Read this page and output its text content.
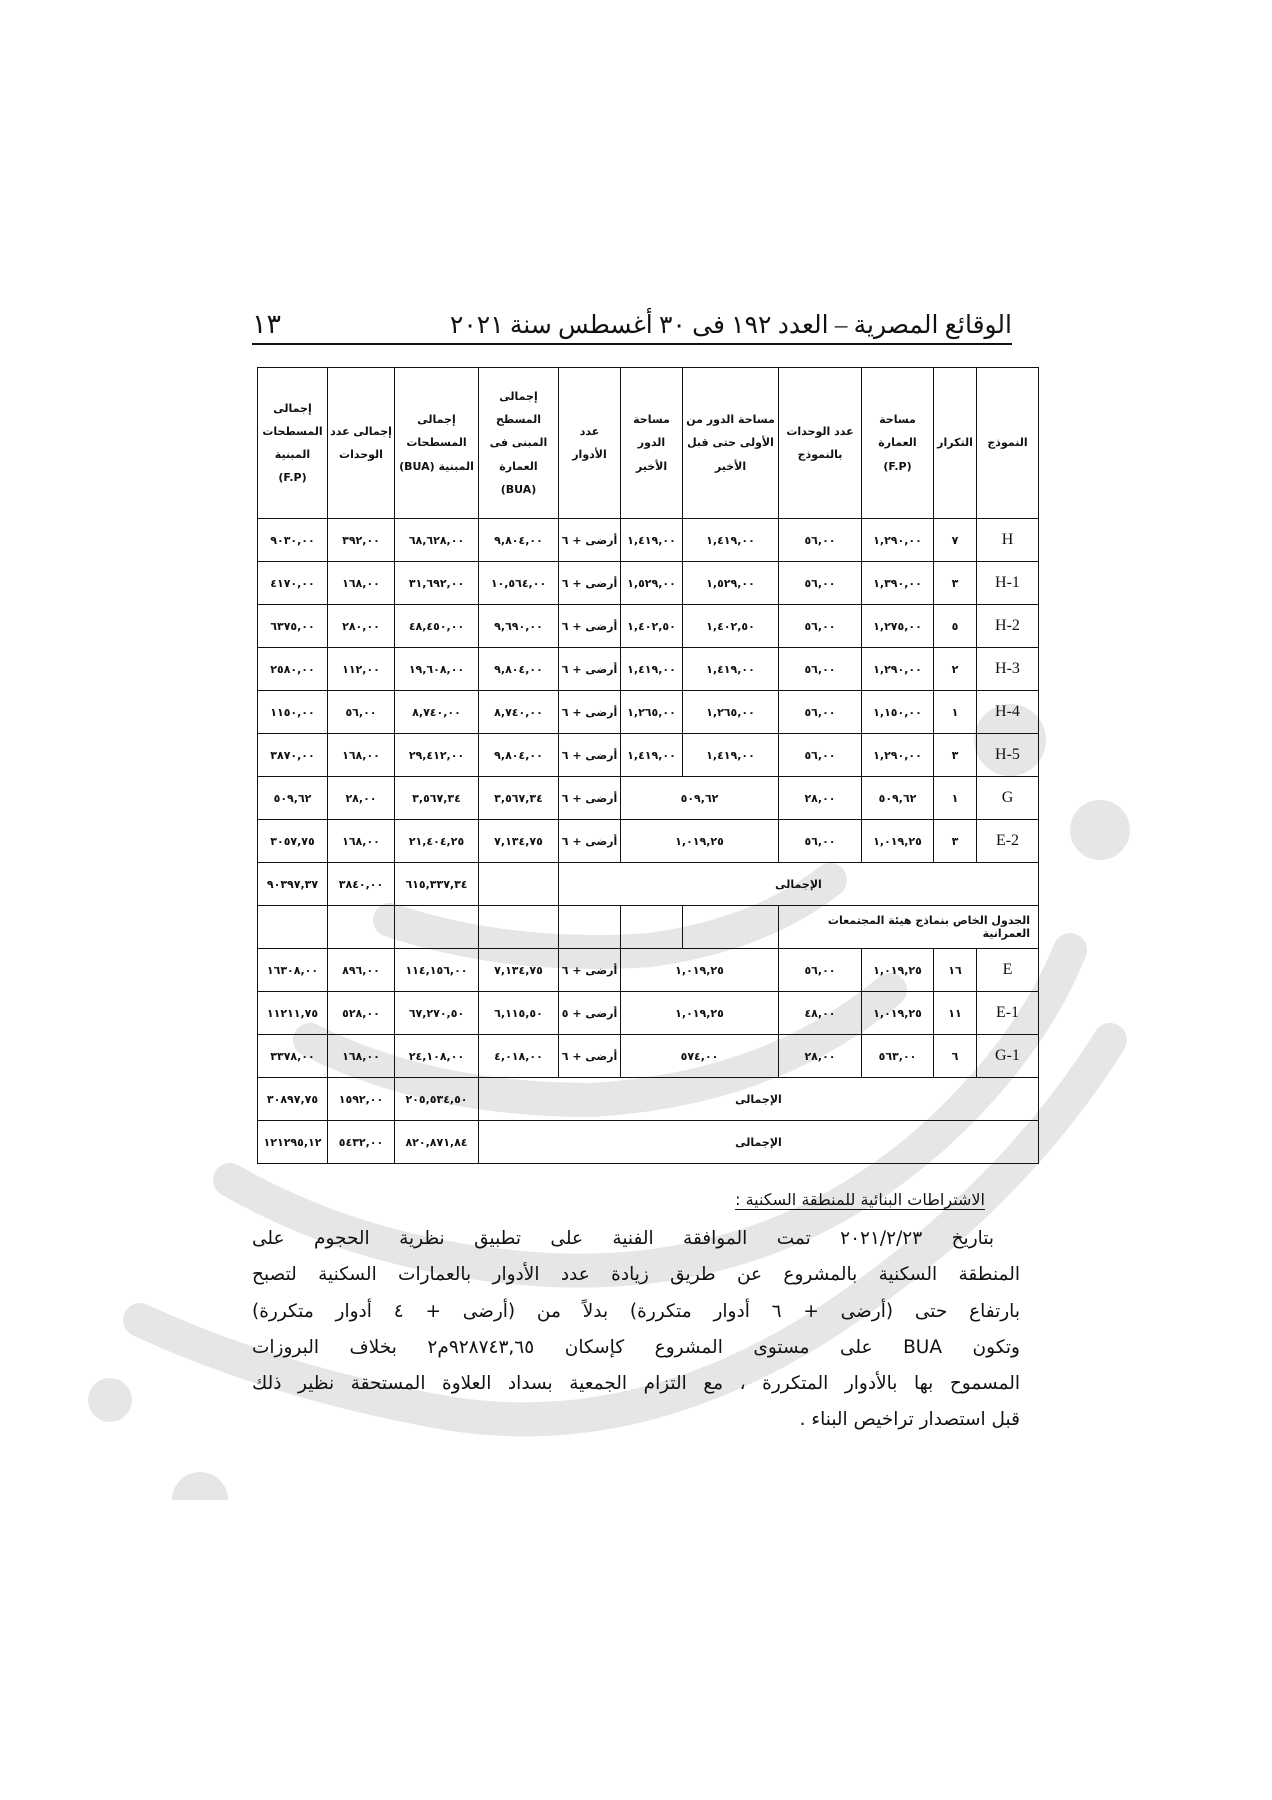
الوقائع المصرية – العدد ١٩٢ فى ٣٠ أغسطس سنة ٢٠٢١
١٣
النموذج	التكرار	مساحة العمارة (F.P)	عدد الوحدات بالنموذج	مساحة الدور من الأولى حتى قبل الأخير	مساحة الدور الأخير	عدد الأدوار	إجمالى المسطح المبنى فى العمارة (BUA)	إجمالى المسطحات المبنية (BUA)	إجمالى عدد الوحدات	إجمالى المسطحات المبنية (F.P)
H	٧	١,٢٩٠,٠٠	٥٦,٠٠	١,٤١٩,٠٠	١,٤١٩,٠٠	أرضى + ٦	٩,٨٠٤,٠٠	٦٨,٦٢٨,٠٠	٣٩٢,٠٠	٩٠٣٠,٠٠
H-1	٣	١,٣٩٠,٠٠	٥٦,٠٠	١,٥٢٩,٠٠	١,٥٢٩,٠٠	أرضى + ٦	١٠,٥٦٤,٠٠	٣١,٦٩٢,٠٠	١٦٨,٠٠	٤١٧٠,٠٠
H-2	٥	١,٢٧٥,٠٠	٥٦,٠٠	١,٤٠٢,٥٠	١,٤٠٢,٥٠	أرضى + ٦	٩,٦٩٠,٠٠	٤٨,٤٥٠,٠٠	٢٨٠,٠٠	٦٣٧٥,٠٠
H-3	٢	١,٢٩٠,٠٠	٥٦,٠٠	١,٤١٩,٠٠	١,٤١٩,٠٠	أرضى + ٦	٩,٨٠٤,٠٠	١٩,٦٠٨,٠٠	١١٢,٠٠	٢٥٨٠,٠٠
H-4	١	١,١٥٠,٠٠	٥٦,٠٠	١,٢٦٥,٠٠	١,٢٦٥,٠٠	أرضى + ٦	٨,٧٤٠,٠٠	٨,٧٤٠,٠٠	٥٦,٠٠	١١٥٠,٠٠
H-5	٣	١,٢٩٠,٠٠	٥٦,٠٠	١,٤١٩,٠٠	١,٤١٩,٠٠	أرضى + ٦	٩,٨٠٤,٠٠	٢٩,٤١٢,٠٠	١٦٨,٠٠	٣٨٧٠,٠٠
G	١	٥٠٩,٦٢	٢٨,٠٠	٥٠٩,٦٢		أرضى + ٦	٣,٥٦٧,٣٤	٣,٥٦٧,٣٤	٢٨,٠٠	٥٠٩,٦٢
E-2	٣	١,٠١٩,٢٥	٥٦,٠٠	١,٠١٩,٢٥		أرضى + ٦	٧,١٣٤,٧٥	٢١,٤٠٤,٢٥	١٦٨,٠٠	٣٠٥٧,٧٥
الإجمالى								٦١٥,٣٣٧,٣٤	٣٨٤٠,٠٠	٩٠٣٩٧,٣٧
الجدول الخاص بنماذج هيئة المجتمعات العمرانية										
E	١٦	١,٠١٩,٢٥	٥٦,٠٠	١,٠١٩,٢٥		أرضى + ٦	٧,١٣٤,٧٥	١١٤,١٥٦,٠٠	٨٩٦,٠٠	١٦٣٠٨,٠٠
E-1	١١	١,٠١٩,٢٥	٤٨,٠٠	١,٠١٩,٢٥		أرضى + ٥	٦,١١٥,٥٠	٦٧,٢٧٠,٥٠	٥٢٨,٠٠	١١٢١١,٧٥
G-1	٦	٥٦٣,٠٠	٢٨,٠٠	٥٧٤,٠٠		أرضى + ٦	٤,٠١٨,٠٠	٢٤,١٠٨,٠٠	١٦٨,٠٠	٣٣٧٨,٠٠
الإجمالى								٢٠٥,٥٣٤,٥٠	١٥٩٢,٠٠	٣٠٨٩٧,٧٥
الإجمالى								٨٢٠,٨٧١,٨٤	٥٤٣٢,٠٠	١٢١٢٩٥,١٢
الاشتراطات البنائية للمنطقة السكنية :
بتاريخ ٢٠٢١/٢/٢٣ تمت الموافقة الفنية على تطبيق نظرية الحجوم على
المنطقة السكنية بالمشروع عن طريق زيادة عدد الأدوار بالعمارات السكنية لتصبح
بارتفاع حتى (أرضى + ٦ أدوار متكررة) بدلاً من (أرضى + ٤ أدوار متكررة)
وتكون BUA على مستوى المشروع كإسكان ٩٢٨٧٤٣,٦٥م٢ بخلاف البروزات
المسموح بها بالأدوار المتكررة ، مع التزام الجمعية بسداد العلاوة المستحقة نظير ذلك
قبل استصدار تراخيص البناء .
